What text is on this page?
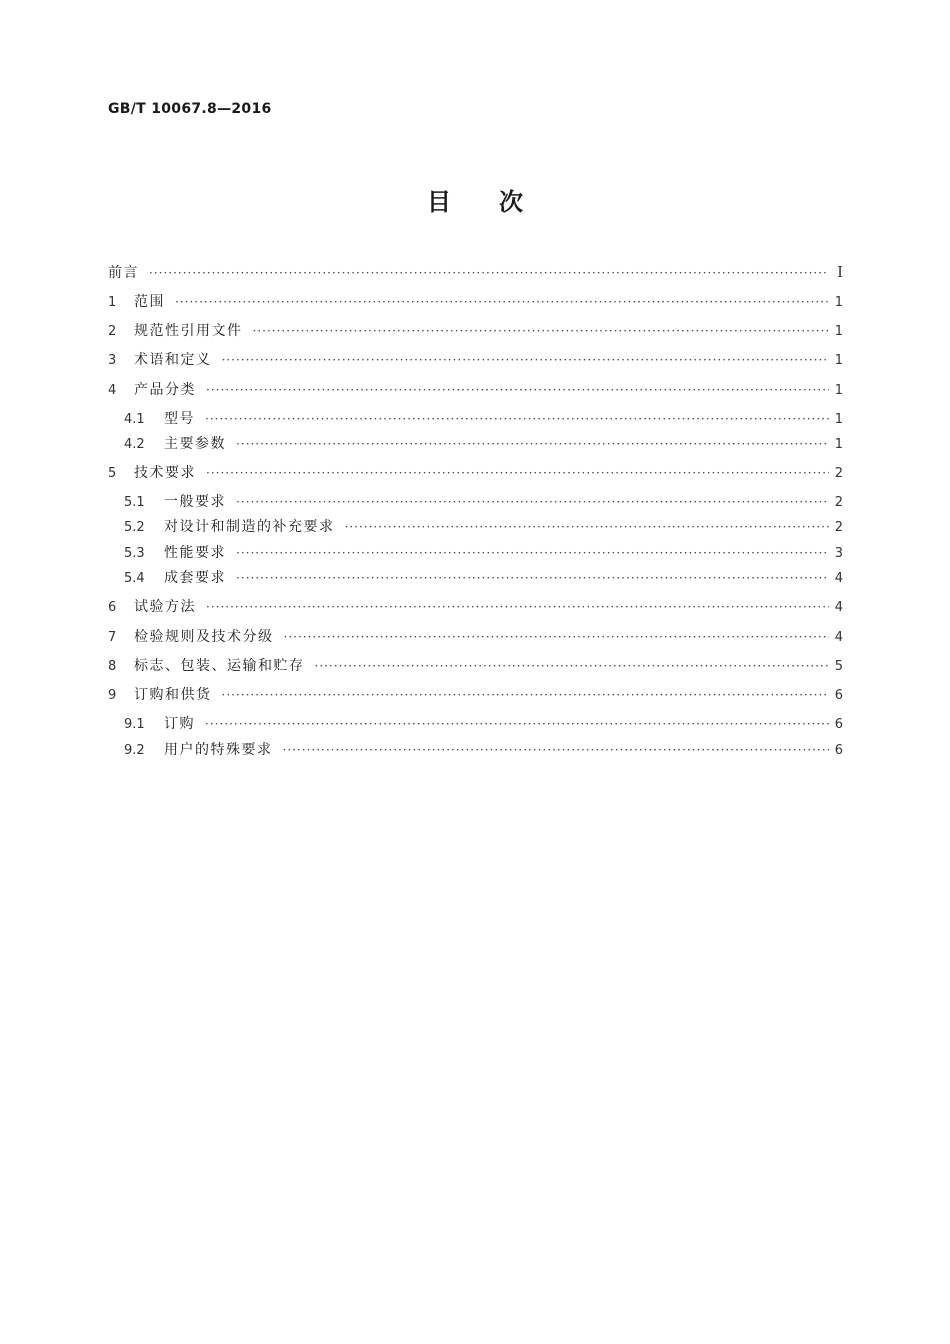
GB/T 10067.8—2016
目次
前言 ·····	Ⅰ
1	范围 ·····	1
2	规范性引用文件 ·····	1
3	术语和定义 ·····	1
4	产品分类 ·····	1
4.1	型号 ·····	1
4.2	主要参数 ·····	1
5	技术要求 ·····	2
5.1	一般要求 ·····	2
5.2	对设计和制造的补充要求 ·····	2
5.3	性能要求 ·····	3
5.4	成套要求 ·····	4
6	试验方法 ·····	4
7	检验规则及技术分级 ·····	4
8	标志、包装、运输和贮存 ·····	5
9	订购和供货 ·····	6
9.1	订购 ·····	6
9.2	用户的特殊要求 ·····	6
